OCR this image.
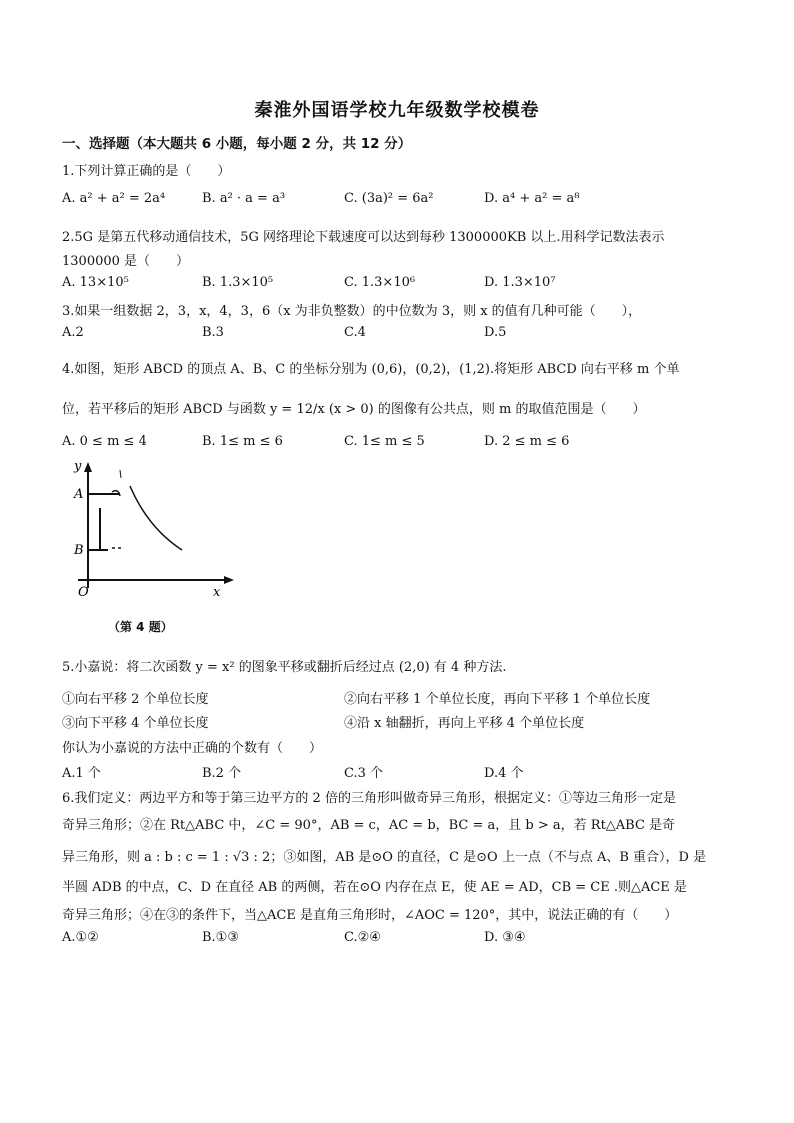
秦淮外国语学校九年级数学校模卷
一、选择题（本大题共 6 小题，每小题 2 分，共 12 分）
1.下列计算正确的是（　　）
A. a² + a² = 2a⁴	B. a² · a = a³	C. (3a)² = 6a²	D. a⁴ + a² = a⁸
2.5G 是第五代移动通信技术，5G 网络理论下载速度可以达到每秒 1300000KB 以上.用科学记数法表示
1300000 是（　　）
A. 13×10⁵	B. 1.3×10⁵	C. 1.3×10⁶	D. 1.3×10⁷
3.如果一组数据 2，3，x，4，3，6（x 为非负整数）的中位数为 3，则 x 的值有几种可能（　　），
A.2	B.3	C.4	D.5
4.如图，矩形 ABCD 的顶点 A、B、C 的坐标分别为 (0,6)，(0,2)，(1,2).将矩形 ABCD 向右平移 m 个单
位，若平移后的矩形 ABCD 与函数 y = 12/x (x > 0) 的图像有公共点，则 m 的取值范围是（　　）
A. 0 ≤ m ≤ 4	B. 1≤ m ≤ 6	C. 1≤ m ≤ 5	D. 2 ≤ m ≤ 6
y
A
B
O	x
（第 4 题）
5.小嘉说：将二次函数 y = x² 的图象平移或翻折后经过点 (2,0) 有 4 种方法.
①向右平移 2 个单位长度	②向右平移 1 个单位长度，再向下平移 1 个单位长度
③向下平移 4 个单位长度	④沿 x 轴翻折，再向上平移 4 个单位长度
你认为小嘉说的方法中正确的个数有（　　）
A.1 个	B.2 个	C.3 个	D.4 个
6.我们定义：两边平方和等于第三边平方的 2 倍的三角形叫做奇异三角形，根据定义：①等边三角形一定是
奇异三角形；②在 Rt△ABC 中，∠C = 90°，AB = c，AC = b，BC = a，且 b > a，若 Rt△ABC 是奇
异三角形，则 a : b : c = 1 : √3 : 2；③如图，AB 是⊙O 的直径，C 是⊙O 上一点（不与点 A、B 重合），D 是
半圆 ADB 的中点，C、D 在直径 AB 的两侧，若在⊙O 内存在点 E，使 AE = AD，CB = CE .则△ACE 是
奇异三角形；④在③的条件下，当△ACE 是直角三角形时，∠AOC = 120°，其中，说法正确的有（　　）
A.①②	B.①③	C.②④	D. ③④
